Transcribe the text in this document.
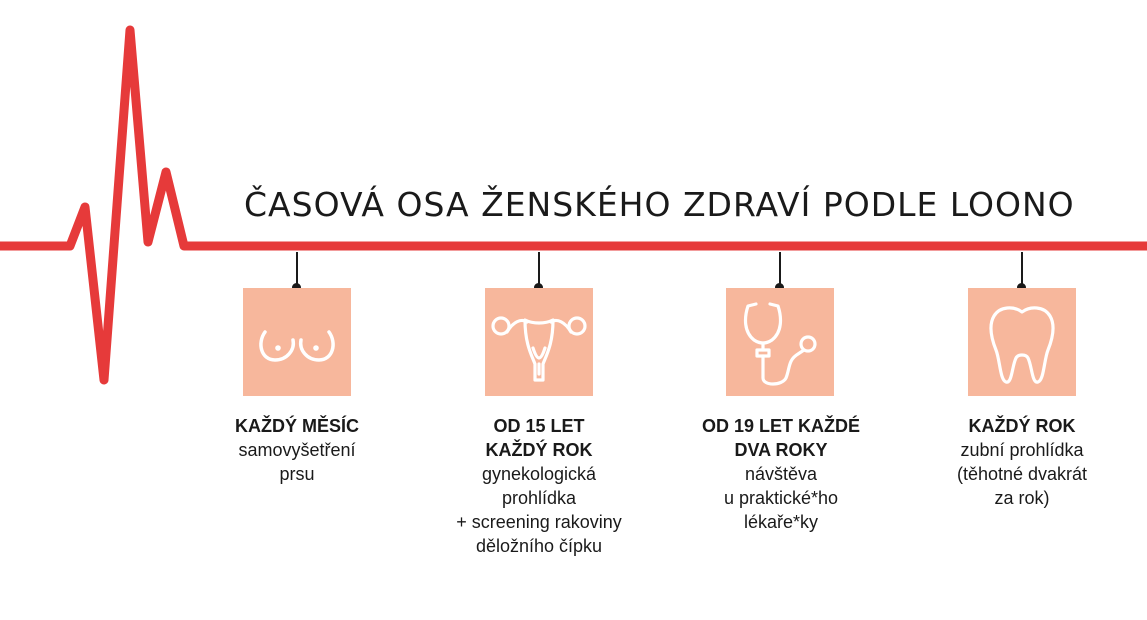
ČASOVÁ OSA ŽENSKÉHO ZDRAVÍ PODLE LOONO
KAŽDÝ MĚSÍC
samovyšetření
prsu
OD 15 LET
KAŽDÝ ROK
gynekologická
prohlídka
+ screening rakoviny
děložního čípku
OD 19 LET KAŽDÉ
DVA ROKY
návštěva
u praktické*ho
lékaře*ky
KAŽDÝ ROK
zubní prohlídka
(těhotné dvakrát
za rok)
